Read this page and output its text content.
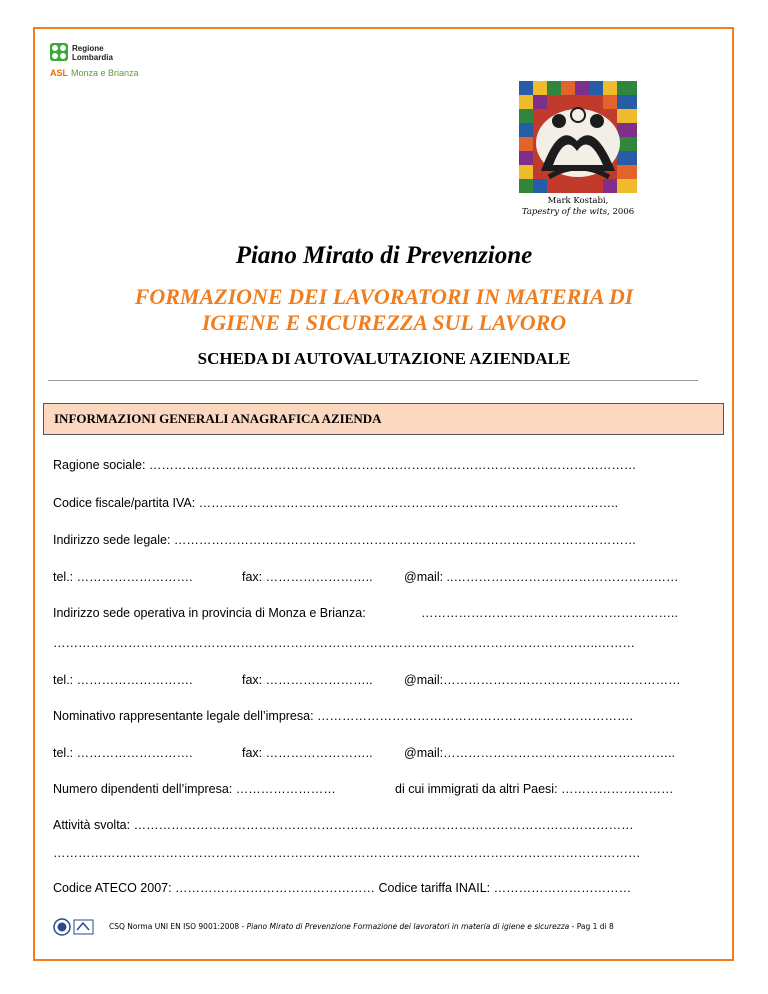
Regione
Lombardia
ASL Monza e Brianza
Mark Kostabi,
Tapestry of the wits, 2006
Piano Mirato di Prevenzione
FORMAZIONE DEI LAVORATORI IN MATERIA DI
IGIENE E SICUREZZA SUL LAVORO
SCHEDA DI AUTOVALUTAZIONE AZIENDALE
INFORMAZIONI GENERALI ANAGRAFICA AZIENDA
Ragione sociale: ………………………………………………………………………………………………………
Codice fiscale/partita IVA: ………………………………………………………………………………………..
Indirizzo sede legale: …………………………………………………………………………………………………
tel.: ……………………….	fax: ……………………..	@mail: ..………………………………………………
Indirizzo sede operativa in provincia di Monza e Brianza:	……………………………………………………..
…………………………………………………………………………………………………………………..………
tel.: ……………………….	fax: ……………………..	@mail:…………………………………………………
Nominativo rappresentante legale dell’impresa: ………………………………………………………………….
tel.: ……………………….	fax: ……………………..	@mail:………………………………………………..
Numero dipendenti dell’impresa: ……………………	di cui immigrati da altri Paesi: ………………………
Attività svolta: …………………………………………………………………………………………………………
……………………………………………………………………………………………………………………………
Codice ATECO 2007: ………………………………………… Codice tariffa INAIL: ……………………………
CSQ Norma UNI EN ISO 9001:2008 - Piano Mirato di Prevenzione Formazione dei lavoratori in materia di igiene e sicurezza - Pag 1 di 8
